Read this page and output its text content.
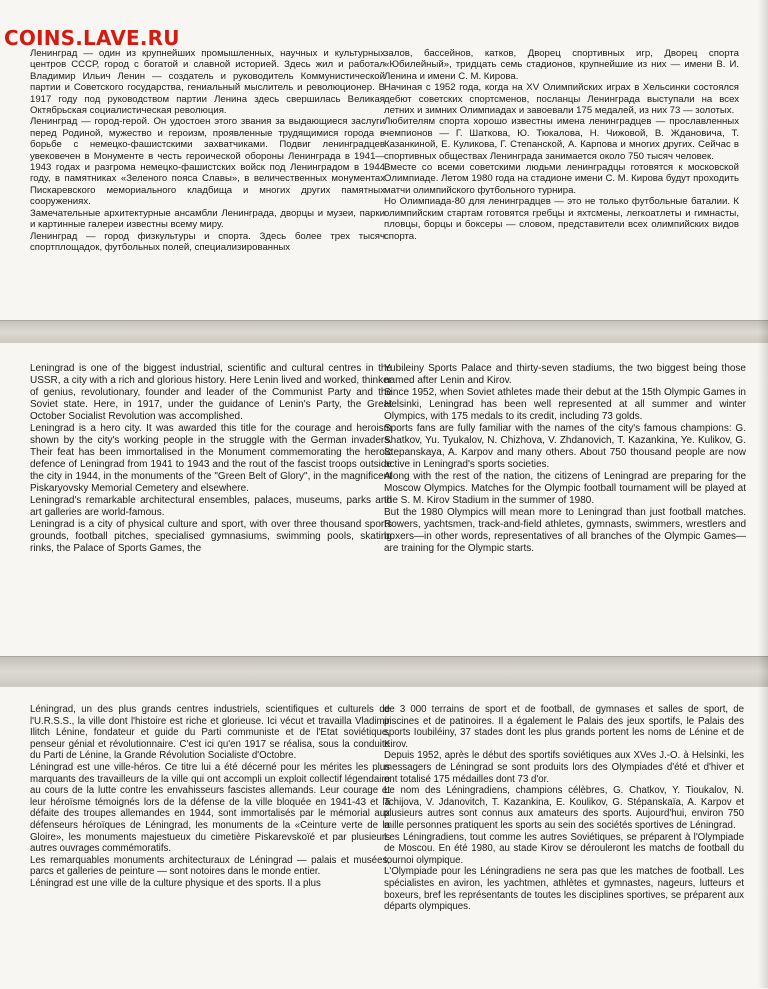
COINS.LAVE.RU

Ленинград — один из крупнейших промышленных, научных и культурных центров СССР, город с богатой и славной историей. Здесь жил и работал Владимир Ильич Ленин — создатель и руководитель Коммунистической партии и Советского государства, гениальный мыслитель и революционер. В 1917 году под руководством партии Ленина здесь свершилась Великая Октябрьская социалистическая революция.

Ленинград — город-герой. Он удостоен этого звания за выдающиеся заслуги перед Родиной, мужество и героизм, проявленные трудящимися города в борьбе с немецко-фашистскими захватчиками. Подвиг ленинградцев увековечен в Монументе в честь героической обороны Ленинграда в 1941—1943 годах и разгрома немецко-фашистских войск под Ленинградом в 1944 году, в памятниках «Зеленого пояса Славы», в величественных монументах Пискаревского мемориального кладбища и многих других памятных сооружениях.

Замечательные архитектурные ансамбли Ленинграда, дворцы и музеи, парки и картинные галереи известны всему миру.

Ленинград — город физкультуры и спорта. Здесь более трех тысяч спортплощадок, футбольных полей, специализированных

залов, бассейнов, катков, Дворец спортивных игр, Дворец спорта «Юбилейный», тридцать семь стадионов, крупнейшие из них — имени В. И. Ленина и имени С. М. Кирова.

Начиная с 1952 года, когда на XV Олимпийских играх в Хельсинки состоялся дебют советских спортсменов, посланцы Ленинграда выступали на всех летних и зимних Олимпиадах и завоевали 175 медалей, из них 73 — золотых.

Любителям спорта хорошо известны имена ленинградцев — прославленных чемпионов — Г. Шаткова, Ю. Тюкалова, Н. Чижовой, В. Ждановича, Т. Казанкиной, Е. Куликова, Г. Степанской, А. Карпова и многих других. Сейчас в спортивных обществах Ленинграда занимается около 750 тысяч человек.

Вместе со всеми советскими людьми ленинградцы готовятся к московской Олимпиаде. Летом 1980 года на стадионе имени С. М. Кирова будут проходить матчи олимпийского футбольного турнира.

Но Олимпиада-80 для ленинградцев — это не только футбольные баталии. К олимпийским стартам готовятся гребцы и яхтсмены, легкоатлеты и гимнасты, пловцы, борцы и боксеры — словом, представители всех олимпийских видов спорта.

Leningrad is one of the biggest industrial, scientific and cultural centres in the USSR, a city with a rich and glorious history. Here Lenin lived and worked, thinker of genius, revolutionary, founder and leader of the Communist Party and the Soviet state. Here, in 1917, under the guidance of Lenin's Party, the Great October Socialist Revolution was accomplished.

Leningrad is a hero city. It was awarded this title for the courage and heroism shown by the city's working people in the struggle with the German invaders. Their feat has been immortalised in the Monument commemorating the heroic defence of Leningrad from 1941 to 1943 and the rout of the fascist troops outside the city in 1944, in the monuments of the "Green Belt of Glory", in the magnificent Piskaryovsky Memorial Cemetery and elsewhere.

Leningrad's remarkable architectural ensembles, palaces, museums, parks and art galleries are world-famous.

Leningrad is a city of physical culture and sport, with over three thousand sports grounds, football pitches, specialised gymnasiums, swimming pools, skating rinks, the Palace of Sports Games, the

Yubileiny Sports Palace and thirty-seven stadiums, the two biggest being those named after Lenin and Kirov.

Since 1952, when Soviet athletes made their debut at the 15th Olympic Games in Helsinki, Leningrad has been well represented at all summer and winter Olympics, with 175 medals to its credit, including 73 golds.

Sports fans are fully familiar with the names of the city's famous champions: G. Shatkov, Yu. Tyukalov, N. Chizhova, V. Zhdanovich, T. Kazankina, Ye. Kulikov, G. Stepanskaya, A. Karpov and many others. About 750 thousand people are now active in Leningrad's sports societies.

Along with the rest of the nation, the citizens of Leningrad are preparing for the Moscow Olympics. Matches for the Olympic football tournament will be played at the S. M. Kirov Stadium in the summer of 1980.

But the 1980 Olympics will mean more to Leningrad than just football matches. Rowers, yachtsmen, track-and-field athletes, gymnasts, swimmers, wrestlers and boxers—in other words, representatives of all branches of the Olympic Games—are training for the Olympic starts.

Léningrad, un des plus grands centres industriels, scientifiques et culturels de l'U.R.S.S., la ville dont l'histoire est riche et glorieuse. Ici vécut et travailla Vladimir Ilitch Lénine, fondateur et guide du Parti communiste et de l'Etat soviétique, penseur génial et révolutionnaire. C'est ici qu'en 1917 se réalisa, sous la conduite du Parti de Lénine, la Grande Révolution Socialiste d'Octobre.

Léningrad est une ville-héros. Ce titre lui a été décerné pour les mérites les plus marquants des travailleurs de la ville qui ont accompli un exploit collectif légendaire au cours de la lutte contre les envahisseurs fascistes allemands. Leur courage et leur héroïsme témoignés lors de la défense de la ville bloquée en 1941-43 et la défaite des troupes allemandes en 1944, sont immortalisés par le mémorial aux défenseurs héroïques de Léningrad, les monuments de la «Ceinture verte de la Gloire», les monuments majestueux du cimetière Piskarevskoïé et par plusieurs autres ouvrages commémoratifs.

Les remarquables monuments architecturaux de Léningrad — palais et musées, parcs et galleries de peinture — sont notoires dans le monde entier.

Léningrad est une ville de la culture physique et des sports. Il a plus

de 3 000 terrains de sport et de football, de gymnases et salles de sport, de piscines et de patinoires. Il a également le Palais des jeux sportifs, le Palais des sports Ioubiléiny, 37 stades dont les plus grands portent les noms de Lénine et de Kirov.

Depuis 1952, après le début des sportifs soviétiques aux XVes J.-O. à Helsinki, les messagers de Léningrad se sont produits lors des Olympiades d'été et d'hiver et ont totalisé 175 médailles dont 73 d'or.

Le nom des Léningradiens, champions célèbres, G. Chatkov, Y. Tioukalov, N. Tchijova, V. Jdanovitch, T. Kazankina, E. Koulikov, G. Stépanskaïa, A. Karpov et plusieurs autres sont connus aux amateurs des sports. Aujourd'hui, environ 750 mille personnes pratiquent les sports au sein des sociétés sportives de Léningrad.

Les Léningradiens, tout comme les autres Soviétiques, se préparent à l'Olympiade de Moscou. En été 1980, au stade Kirov se dérouleront les matchs de football du tournoi olympique.

L'Olympiade pour les Léningradiens ne sera pas que les matches de football. Les spécialistes en aviron, les yachtmen, athlètes et gymnastes, nageurs, lutteurs et boxeurs, bref les représentants de toutes les disciplines sportives, se préparent aux départs olympiques.
